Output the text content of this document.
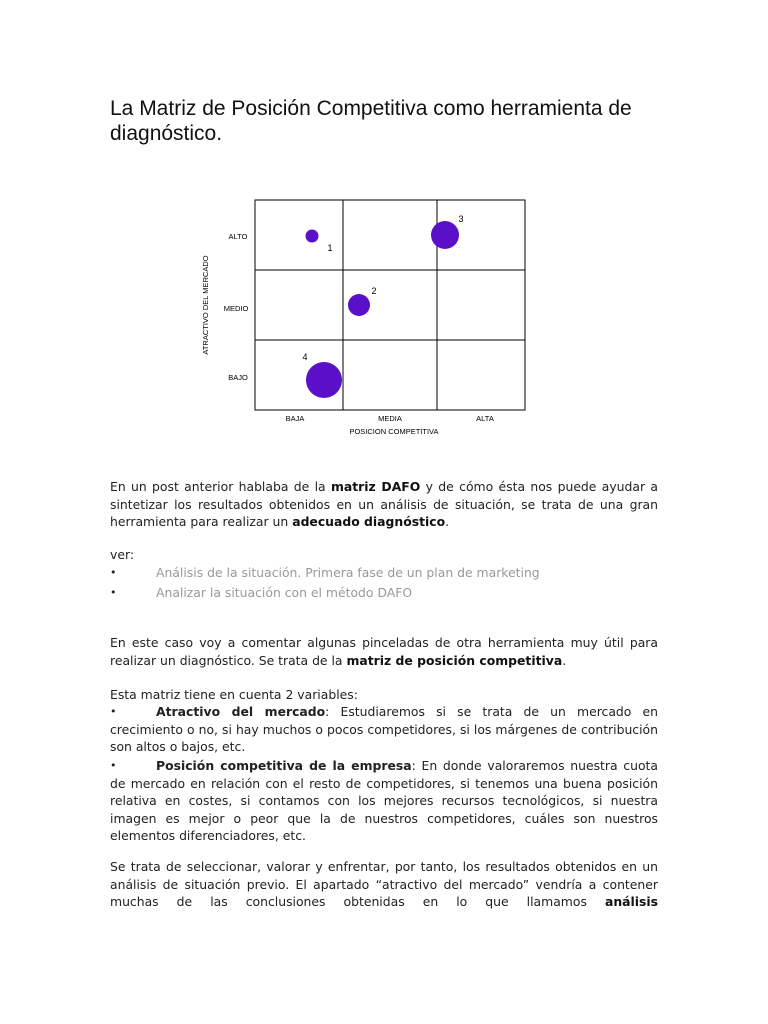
La Matriz de Posición Competitiva como herramienta de diagnóstico.
ATRACTIVO DEL MERCADO
POSICION COMPETITIVA
ALTO
MEDIO
BAJO
BAJA	MEDIA	ALTA
1
2
3
4

En un post anterior hablaba de la matriz DAFO y de cómo ésta nos puede ayudar a sintetizar los resultados obtenidos en un análisis de situación, se trata de una gran herramienta para realizar un adecuado diagnóstico.

ver:

•	Análisis de la situación. Primera fase de un plan de marketing
•	Analizar la situación con el método DAFO

En este caso voy a comentar algunas pinceladas de otra herramienta muy útil para realizar un diagnóstico. Se trata de la matriz de posición competitiva.

Esta matriz tiene en cuenta 2 variables:

•	Atractivo del mercado: Estudiaremos si se trata de un mercado en crecimiento o no, si hay muchos o pocos competidores, si los márgenes de contribución son altos o bajos, etc.
•	Posición competitiva de la empresa: En donde valoraremos nuestra cuota de mercado en relación con el resto de competidores, si tenemos una buena posición relativa en costes, si contamos con los mejores recursos tecnológicos, si nuestra imagen es mejor o peor que la de nuestros competidores, cuáles son nuestros elementos diferenciadores, etc.

Se trata de seleccionar, valorar y enfrentar, por tanto, los resultados obtenidos en un análisis de situación previo. El apartado “atractivo del mercado” vendría a contener muchas de las conclusiones obtenidas en lo que llamamos análisis
